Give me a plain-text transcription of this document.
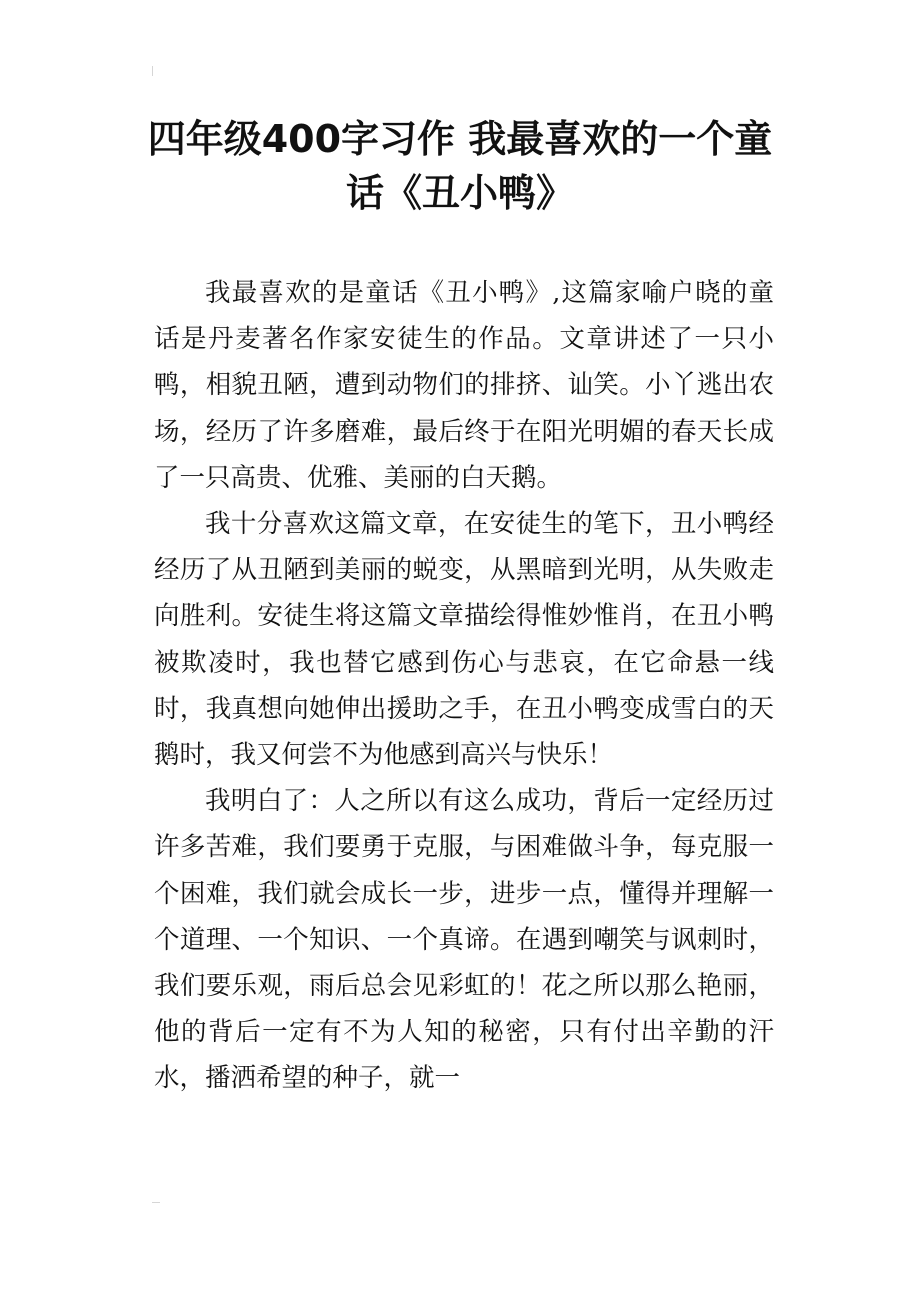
四年级400字习作 我最喜欢的一个童话《丑小鸭》

我最喜欢的是童话《丑小鸭》,这篇家喻户晓的童话是丹麦著名作家安徒生的作品。文章讲述了一只小鸭，相貌丑陋，遭到动物们的排挤、讪笑。小丫逃出农场，经历了许多磨难，最后终于在阳光明媚的春天长成了一只高贵、优雅、美丽的白天鹅。

我十分喜欢这篇文章，在安徒生的笔下，丑小鸭经经历了从丑陋到美丽的蜕变，从黑暗到光明，从失败走向胜利。安徒生将这篇文章描绘得惟妙惟肖，在丑小鸭被欺凌时，我也替它感到伤心与悲哀，在它命悬一线时，我真想向她伸出援助之手，在丑小鸭变成雪白的天鹅时，我又何尝不为他感到高兴与快乐！

我明白了：人之所以有这么成功，背后一定经历过许多苦难，我们要勇于克服，与困难做斗争，每克服一个困难，我们就会成长一步，进步一点，懂得并理解一个道理、一个知识、一个真谛。在遇到嘲笑与讽刺时，我们要乐观，雨后总会见彩虹的！花之所以那么艳丽，他的背后一定有不为人知的秘密，只有付出辛勤的汗水，播洒希望的种子，就一
